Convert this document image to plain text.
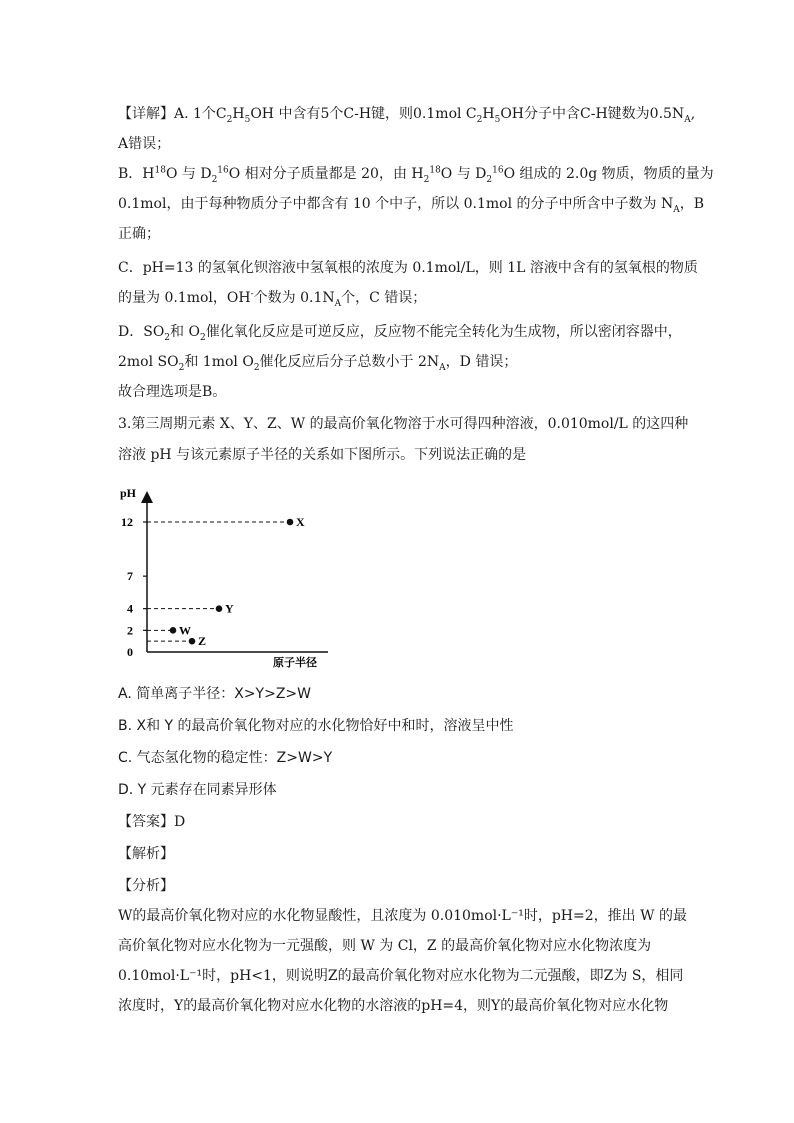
【详解】A. 1个$C_2H_5OH$ 中含有5个C-H键，则0.1mol $C_2H_5OH$分子中含C-H键数为$0.5N_A$,
A错误；
B．$H^{18}O$ 与 $D_2^{16}O$ 相对分子质量都是 20，由 $H_2^{18}O$ 与 $D_2^{16}O$ 组成的 2.0g 物质，物质的量为
0.1mol，由于每种物质分子中都含有 10 个中子，所以 0.1mol 的分子中所含中子数为 $N_A$，B
正确；
C．pH=13 的氢氧化钡溶液中氢氧根的浓度为 0.1mol/L，则 1L 溶液中含有的氢氧根的物质
的量为 0.1mol，OH-个数为 $0.1N_A$个，C 错误；
D．$SO_2$和 $O_2$催化氧化反应是可逆反应，反应物不能完全转化为生成物，所以密闭容器中，
2mol $SO_2$和 1mol $O_2$催化反应后分子总数小于 $2N_A$，D 错误；
故合理选项是B。
3.第三周期元素 X、Y、Z、W 的最高价氧化物溶于水可得四种溶液，0.010mol/L 的这四种
溶液 pH 与该元素原子半径的关系如下图所示。下列说法正确的是
pH
原子半径
0
2
4
7
12	X
Y
W
Z
A. 简单离子半径：X>Y>Z>W
B. X和 Y 的最高价氧化物对应的水化物恰好中和时，溶液呈中性
C. 气态氢化物的稳定性：Z>W>Y
D. Y 元素存在同素异形体
【答案】D
【解析】
【分析】
W的最高价氧化物对应的水化物显酸性，且浓度为 0.010mol·L⁻¹时，pH=2，推出 W 的最
高价氧化物对应水化物为一元强酸，则 W 为 Cl，Z 的最高价氧化物对应水化物浓度为
0.10mol·L⁻¹时，pH<1，则说明Z的最高价氧化物对应水化物为二元强酸，即Z为 S，相同
浓度时，Y的最高价氧化物对应水化物的水溶液的pH=4，则Y的最高价氧化物对应水化物
